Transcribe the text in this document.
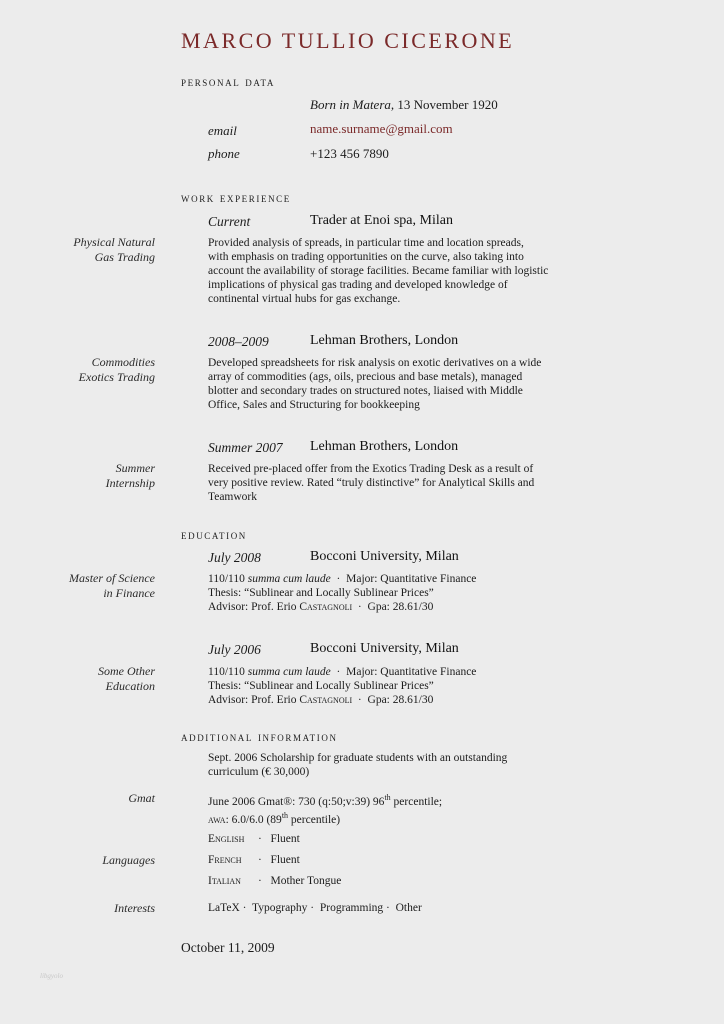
MARCO TULLIO CICERONE
personal data
Born in Matera, 13 November 1920
email	name.surname@gmail.com
phone	+123 456 7890
work experience
Current	Trader at Enoi spa, Milan
Physical Natural
Gas Trading
Provided analysis of spreads, in particular time and location spreads,
with emphasis on trading opportunities on the curve, also taking into
account the availability of storage facilities. Became familiar with logistic
implications of physical gas trading and developed knowledge of
continental virtual hubs for gas exchange.
2008–2009	Lehman Brothers, London
Commodities
Exotics Trading
Developed spreadsheets for risk analysis on exotic derivatives on a wide
array of commodities (ags, oils, precious and base metals), managed
blotter and secondary trades on structured notes, liaised with Middle
Office, Sales and Structuring for bookkeeping
Summer 2007 Lehman Brothers, London
Summer
Internship
Received pre-placed offer from the Exotics Trading Desk as a result of
very positive review. Rated “truly distinctive” for Analytical Skills and
Teamwork
education
July 2008	Bocconi University, Milan
Master of Science
in Finance
110/110 summa cum laude  ·  Major: Quantitative Finance
Thesis: “Sublinear and Locally Sublinear Prices”
Advisor: Prof. Erio Castagnoli  ·  Gpa: 28.61/30
July 2006	Bocconi University, Milan
Some Other
Education
110/110 summa cum laude  ·  Major: Quantitative Finance
Thesis: “Sublinear and Locally Sublinear Prices”
Advisor: Prof. Erio Castagnoli  ·  Gpa: 28.61/30
additional information
Sept. 2006 Scholarship for graduate students with an outstanding
curriculum (€ 30,000)
Gmat	June 2006 Gmat®: 730 (q:50;v:39) 96th percentile;
awa: 6.0/6.0 (89th percentile)
Languages
English ·   Fluent
French ·   Fluent
Italian ·   Mother Tongue
Interests	LaTeX ·  Typography ·  Programming ·  Other
October 11, 2009
libgyolo
